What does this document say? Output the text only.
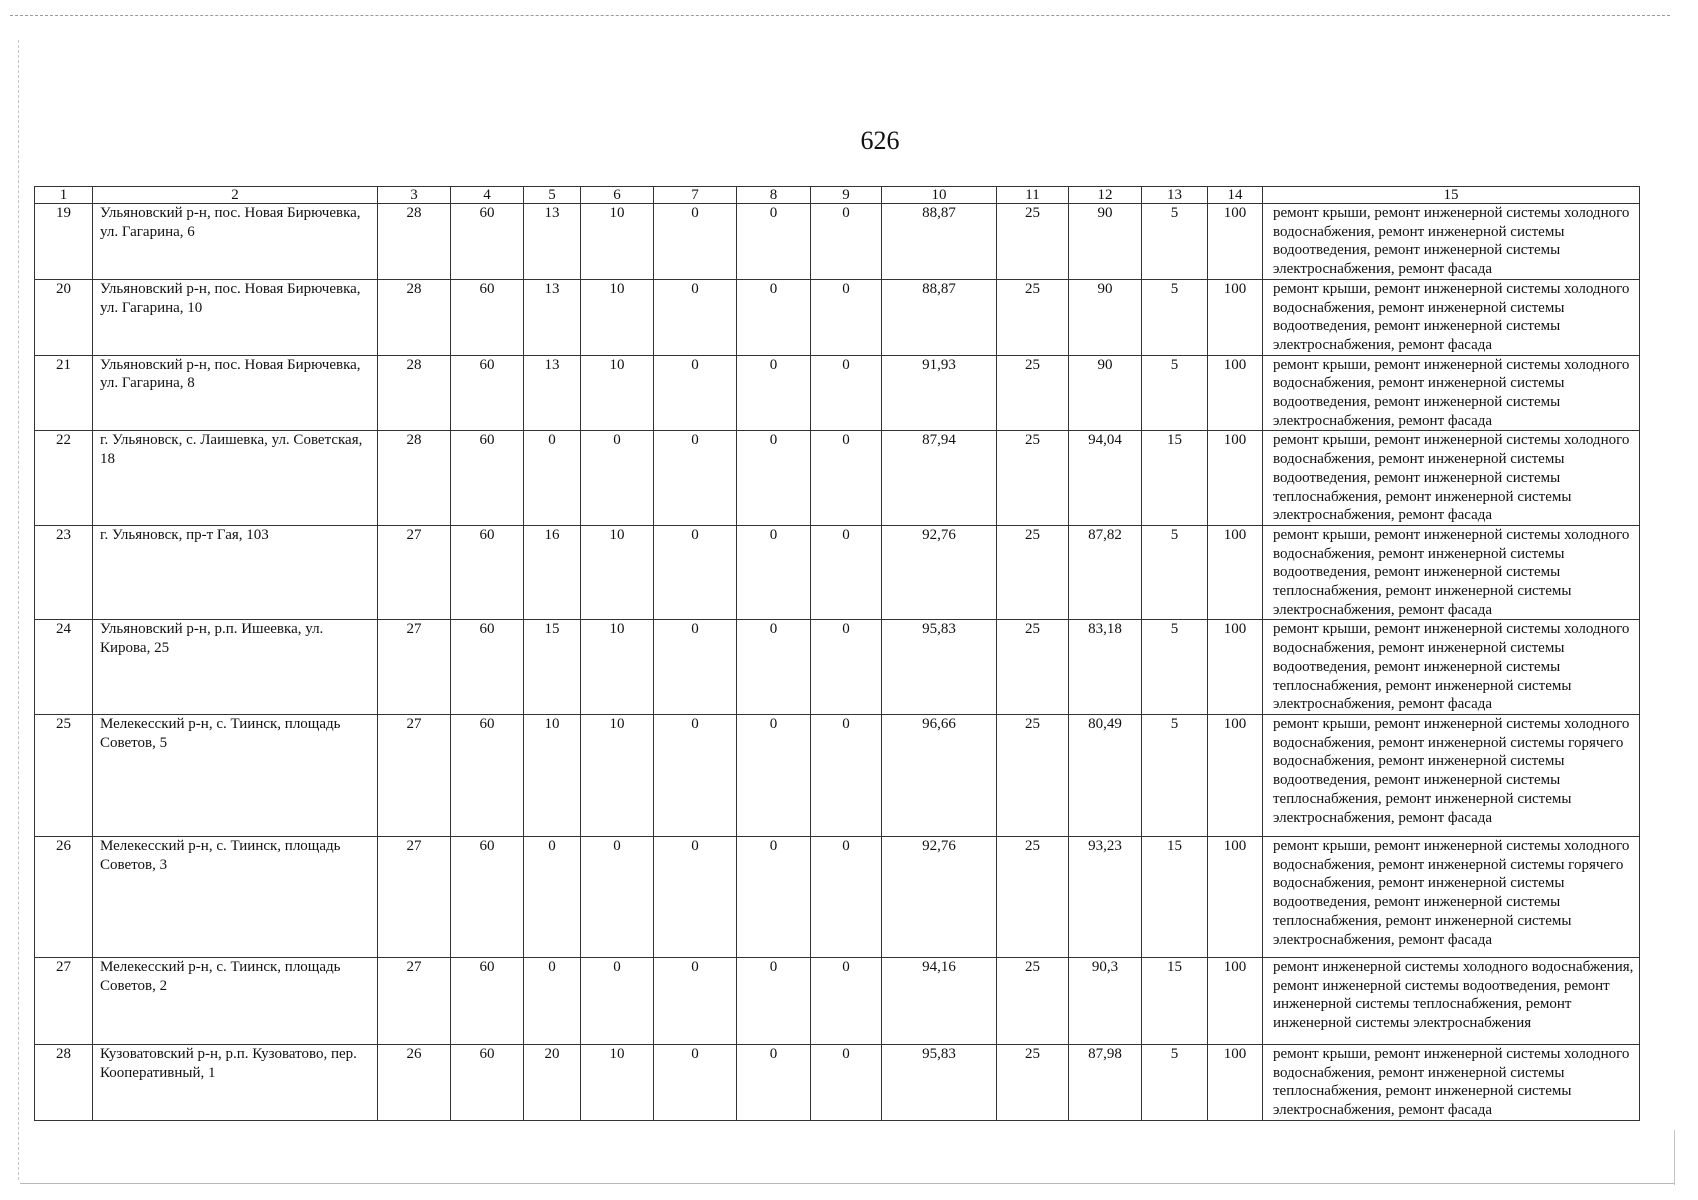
626
1	2	3	4	5	6	7	8	9	10	11	12	13	14	15
19	Ульяновский р-н, пос. Новая Бирючевка, ул. Гагарина, 6	28	60	13	10	0	0	0	88,87	25	90	5	100	ремонт крыши, ремонт инженерной системы холодного водоснабжения, ремонт инженерной системы водоотведения, ремонт инженерной системы электроснабжения, ремонт фасада
20	Ульяновский р-н, пос. Новая Бирючевка, ул. Гагарина, 10	28	60	13	10	0	0	0	88,87	25	90	5	100	ремонт крыши, ремонт инженерной системы холодного водоснабжения, ремонт инженерной системы водоотведения, ремонт инженерной системы электроснабжения, ремонт фасада
21	Ульяновский р-н, пос. Новая Бирючевка, ул. Гагарина, 8	28	60	13	10	0	0	0	91,93	25	90	5	100	ремонт крыши, ремонт инженерной системы холодного водоснабжения, ремонт инженерной системы водоотведения, ремонт инженерной системы электроснабжения, ремонт фасада
22	г. Ульяновск, с. Лаишевка, ул. Советская, 18	28	60	0	0	0	0	0	87,94	25	94,04	15	100	ремонт крыши, ремонт инженерной системы холодного водоснабжения, ремонт инженерной системы водоотведения, ремонт инженерной системы теплоснабжения, ремонт инженерной системы электроснабжения, ремонт фасада
23	г. Ульяновск, пр-т Гая, 103	27	60	16	10	0	0	0	92,76	25	87,82	5	100	ремонт крыши, ремонт инженерной системы холодного водоснабжения, ремонт инженерной системы водоотведения, ремонт инженерной системы теплоснабжения, ремонт инженерной системы электроснабжения, ремонт фасада
24	Ульяновский р-н, р.п. Ишеевка, ул. Кирова, 25	27	60	15	10	0	0	0	95,83	25	83,18	5	100	ремонт крыши, ремонт инженерной системы холодного водоснабжения, ремонт инженерной системы водоотведения, ремонт инженерной системы теплоснабжения, ремонт инженерной системы электроснабжения, ремонт фасада
25	Мелекесский р-н, с. Тиинск, площадь Советов, 5	27	60	10	10	0	0	0	96,66	25	80,49	5	100	ремонт крыши, ремонт инженерной системы холодного водоснабжения, ремонт инженерной системы горячего водоснабжения, ремонт инженерной системы водоотведения, ремонт инженерной системы теплоснабжения, ремонт инженерной системы электроснабжения, ремонт фасада
26	Мелекесский р-н, с. Тиинск, площадь Советов, 3	27	60	0	0	0	0	0	92,76	25	93,23	15	100	ремонт крыши, ремонт инженерной системы холодного водоснабжения, ремонт инженерной системы горячего водоснабжения, ремонт инженерной системы водоотведения, ремонт инженерной системы теплоснабжения, ремонт инженерной системы электроснабжения, ремонт фасада
27	Мелекесский р-н, с. Тиинск, площадь Советов, 2	27	60	0	0	0	0	0	94,16	25	90,3	15	100	ремонт инженерной системы холодного водоснабжения, ремонт инженерной системы водоотведения, ремонт инженерной системы теплоснабжения, ремонт инженерной системы электроснабжения
28	Кузоватовский р-н, р.п. Кузоватово, пер. Кооперативный, 1	26	60	20	10	0	0	0	95,83	25	87,98	5	100	ремонт крыши, ремонт инженерной системы холодного водоснабжения, ремонт инженерной системы теплоснабжения, ремонт инженерной системы электроснабжения, ремонт фасада
